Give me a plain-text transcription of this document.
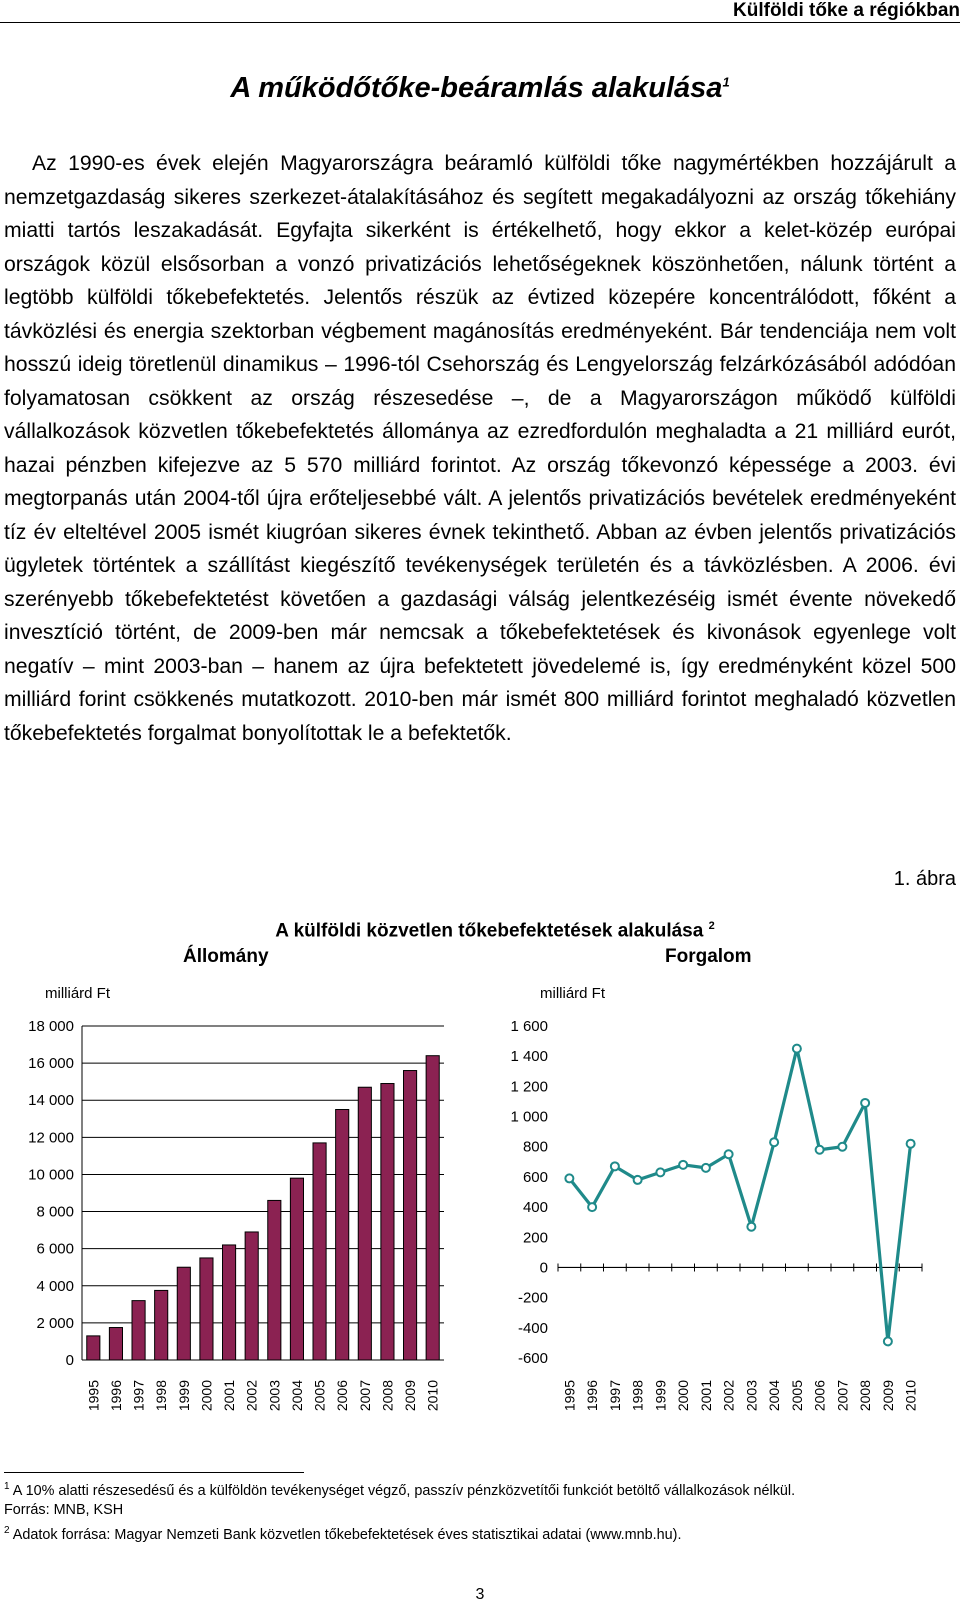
Külföldi tőke a régiókban
A működőtőke-beáramlás alakulása$^1$

Az 1990-es évek elején Magyarországra beáramló külföldi tőke nagymértékben hozzájárult a nemzetgazdaság sikeres szerkezet-átalakításához és segített megakadályozni az ország tőkehiány miatti tartós leszakadását. Egyfajta sikerként is értékelhető, hogy ekkor a kelet-közép európai országok közül elsősorban a vonzó privatizációs lehetőségeknek köszönhetően, nálunk történt a legtöbb külföldi tőkebefektetés. Jelentős részük az évtized közepére koncentrálódott, főként a távközlési és energia szektorban végbement magánosítás eredményeként. Bár tendenciája nem volt hosszú ideig töretlenül dinamikus – 1996-tól Csehország és Lengyelország felzárkózásából adódóan folyamatosan csökkent az ország részesedése –, de a Magyarországon működő külföldi vállalkozások közvetlen tőkebefektetés állománya az ezredfordulón meghaladta a 21 milliárd eurót, hazai pénzben kifejezve az 5 570 milliárd forintot. Az ország tőkevonzó képessége a 2003. évi megtorpanás után 2004-től újra erőteljesebbé vált. A jelentős privatizációs bevételek eredményeként tíz év elteltével 2005 ismét kiugróan sikeres évnek tekinthető. Abban az évben jelentős privatizációs ügyletek történtek a szállítást kiegészítő tevékenységek területén és a távközlésben. A 2006. évi szerényebb tőkebefektetést követően a gazdasági válság jelentkezéséig ismét évente növekedő invesztíció történt, de 2009-ben már nemcsak a tőkebefektetések és kivonások egyenlege volt negatív – mint 2003-ban – hanem az újra befektetett jövedelemé is, így eredményként közel 500 milliárd forint csökkenés mutatkozott. 2010-ben már ismét 800 milliárd forintot meghaladó közvetlen tőkebefektetés forgalmat bonyolítottak le a befektetők.

1. ábra
A külföldi közvetlen tőkebefektetések alakulása $^2$
Állomány	Forgalom
milliárd Ft
0
2 000
4 000
6 000
8 000
10 000
12 000
14 000
16 000
18 000
1995 1996 1997 1998 1999 2000 2001 2002 2003 2004 2005 2006 2007 2008 2009 2010
milliárd Ft
-600
-400
-200
0
200
400
600
800
1 000
1 200
1 400
1 600
1995 1996 1997 1998 1999 2000 2001 2002 2003 2004 2005 2006 2007 2008 2009 2010
$^1$ A 10% alatti részesedésű és a külföldön tevékenységet végző, passzív pénzközvetítői funkciót betöltő vállalkozások nélkül.
Forrás: MNB, KSH
$^2$ Adatok forrása: Magyar Nemzeti Bank közvetlen tőkebefektetések éves statisztikai adatai (www.mnb.hu).
3
